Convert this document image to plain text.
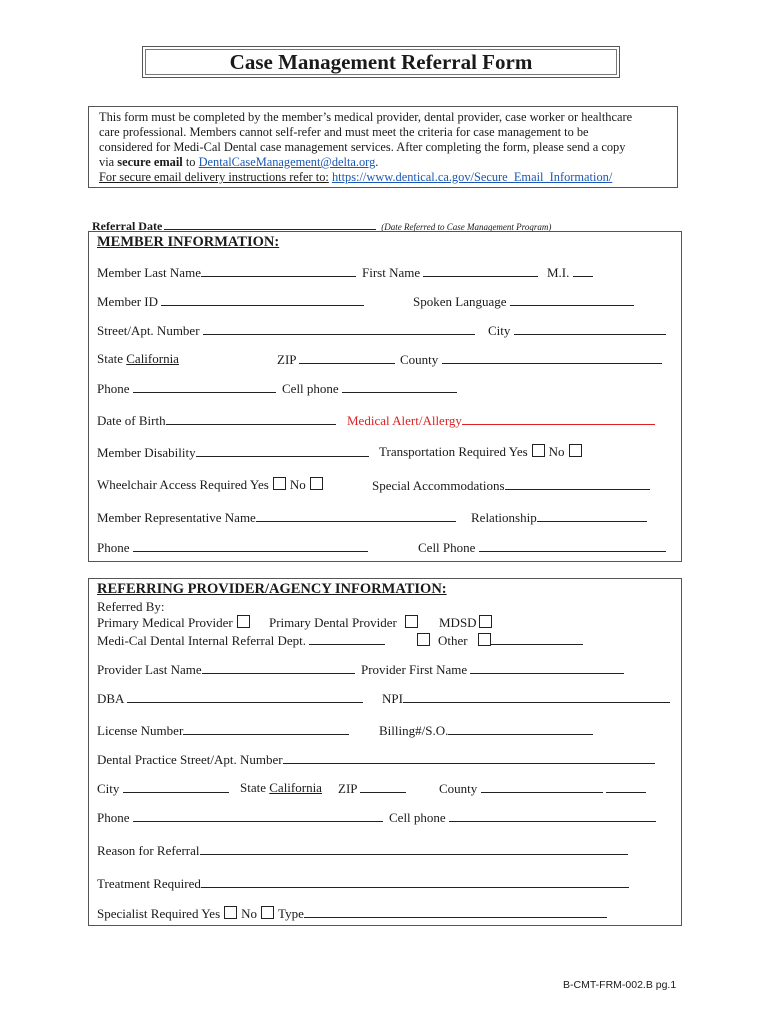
Case Management Referral Form
This form must be completed by the member’s medical provider, dental provider, case worker or healthcare
care professional. Members cannot self-refer and must meet the criteria for case management to be
considered for Medi-Cal Dental case management services. After completing the form, please send a copy
via secure email to DentalCaseManagement@delta.org.
For secure email delivery instructions refer to: https://www.dentical.ca.gov/Secure_Email_Information/
Referral Date	(Date Referred to Case Management Program)
MEMBER INFORMATION:
Member Last Name	First Name	M.I.
Member ID	Spoken Language
Street/Apt. Number	City
State California	ZIP	County
Phone	Cell phone
Date of Birth	Medical Alert/Allergy
Member Disability	Transportation Required Yes No
Wheelchair Access Required Yes No	Special Accommodations
Member Representative Name	Relationship
Phone	Cell Phone
REFERRING PROVIDER/AGENCY INFORMATION:
Referred By:
Primary Medical Provider	Primary Dental Provider	MDSD
Medi-Cal Dental Internal Referral Dept.	Other
Provider Last Name	Provider First Name
DBA	NPI
License Number	Billing#/S.O.
Dental Practice Street/Apt. Number
City	State California ZIP	County
Phone	Cell phone
Reason for Referral
Treatment Required
Specialist Required Yes No Type
B-CMT-FRM-002.B pg.1
